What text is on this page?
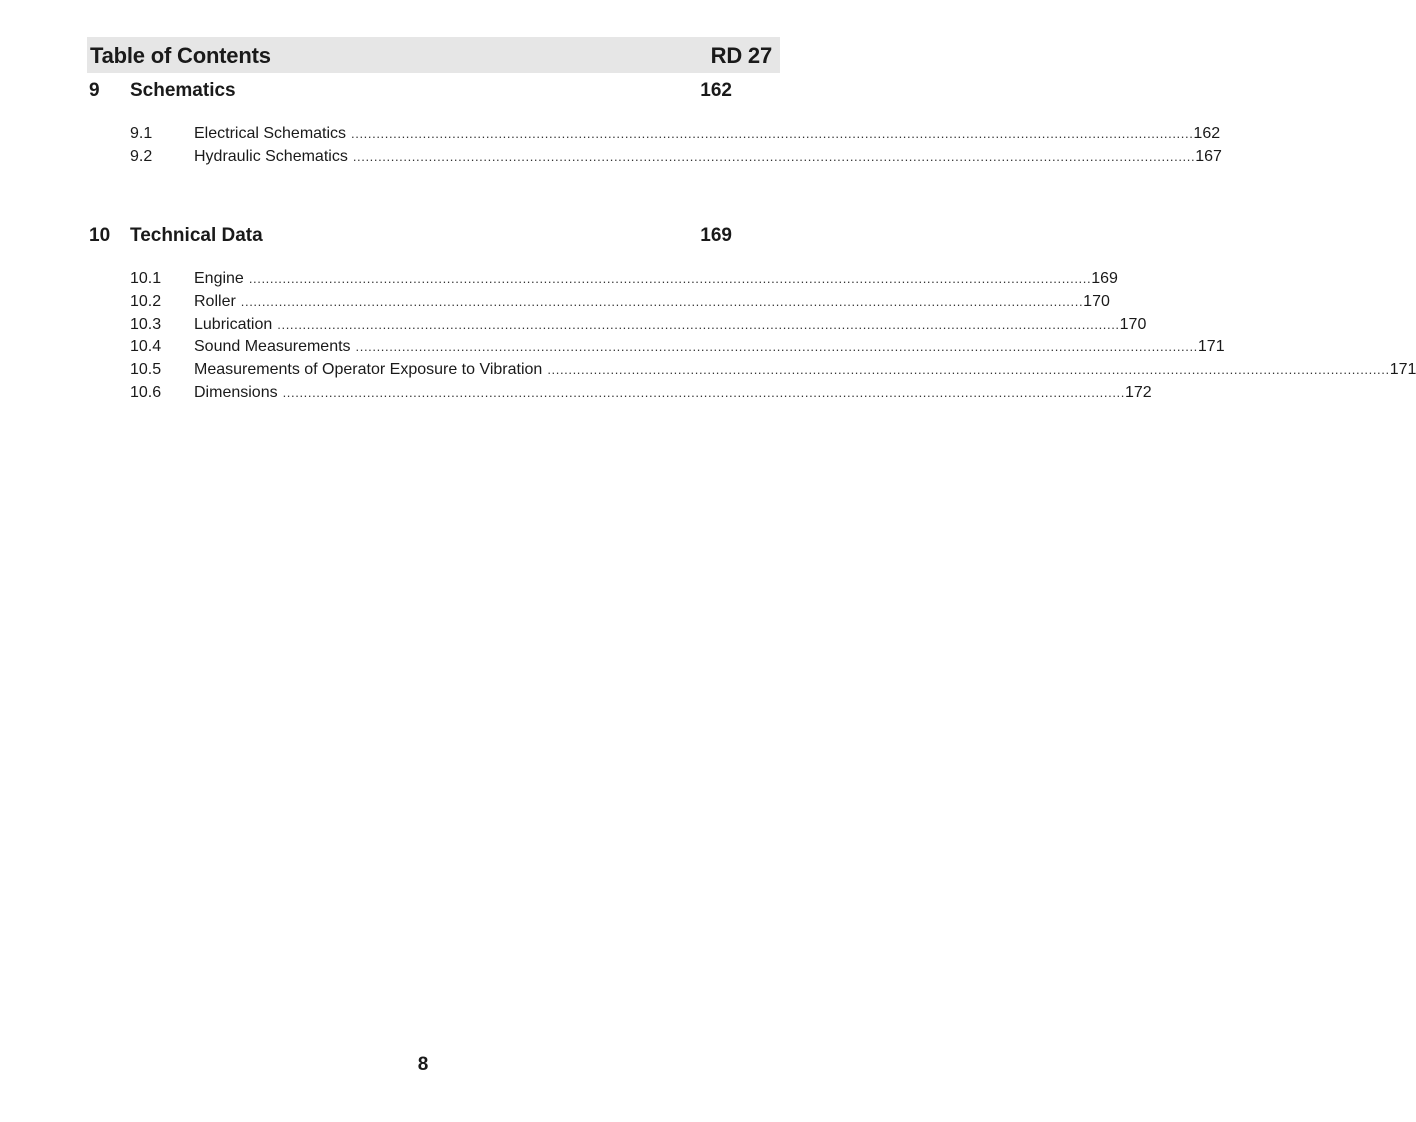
Table of Contents	RD 27
9 Schematics	162
9.1	Electrical Schematics ........................................................................................................................................................................................................ 162
9.2	Hydraulic Schematics ........................................................................................................................................................................................................ 167
10 Technical Data	169
10.1	Engine ........................................................................................................................................................................................................ 169
10.2	Roller ........................................................................................................................................................................................................ 170
10.3	Lubrication ........................................................................................................................................................................................................ 170
10.4	Sound Measurements ........................................................................................................................................................................................................ 171
10.5	Measurements of Operator Exposure to Vibration ........................................................................................................................................................................................................ 171
10.6	Dimensions ........................................................................................................................................................................................................ 172
8
